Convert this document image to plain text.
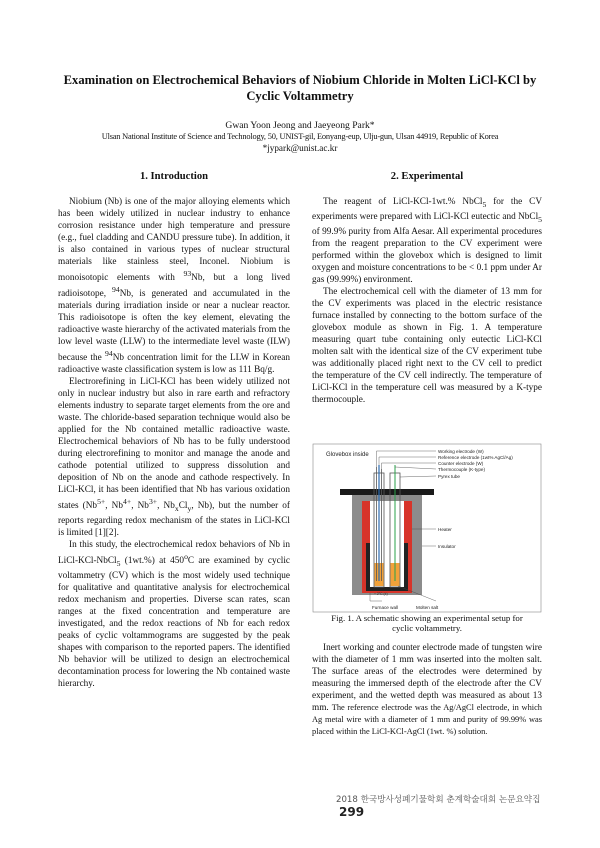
Examination on Electrochemical Behaviors of Niobium Chloride in Molten LiCl-KCl by
Cyclic Voltammetry
Gwan Yoon Jeong and Jaeyeong Park*
Ulsan National Institute of Science and Technology, 50, UNIST-gil, Eonyang-eup, Ulju-gun, Ulsan 44919, Republic of Korea
*jypark@unist.ac.kr
1. Introduction	2. Experimental

Niobium (Nb) is one of the major alloying elements which has been widely utilized in nuclear industry to enhance corrosion resistance under high temperature and pressure (e.g., fuel cladding and CANDU pressure tube). In addition, it is also contained in various types of nuclear structural materials like stainless steel, Inconel. Niobium is monoisotopic elements with $^{93}$Nb, but a long lived radioisotope, $^{94}$Nb, is generated and accumulated in the materials during irradiation inside or near a nuclear reactor. This radioisotope is often the key element, elevating the radioactive waste hierarchy of the activated materials from the low level waste (LLW) to the intermediate level waste (ILW) because the $^{94}$Nb concentration limit for the LLW in Korean radioactive waste classification system is low as 111 Bq/g.

Electrorefining in LiCl-KCl has been widely utilized not only in nuclear industry but also in rare earth and refractory elements industry to separate target elements from the ore and waste. The chloride-based separation technique would also be applied for the Nb contained metallic radioactive waste. Electrochemical behaviors of Nb has to be fully understood during electrorefining to monitor and manage the anode and cathode potential utilized to suppress dissolution and deposition of Nb on the anode and cathode respectively. In LiCl-KCl, it has been identified that Nb has various oxidation states ($Nb^{5+}$, $Nb^{4+}$, $Nb^{3+}$, $Nb_xCl_y$, Nb), but the number of reports regarding redox mechanism of the states in LiCl-KCl is limited [1][2].

In this study, the electrochemical redox behaviors of Nb in LiCl-KCl-NbCl$_5$ (1wt.%) at 450$^o$C are examined by cyclic voltammetry (CV) which is the most widely used technique for qualitative and quantitative analysis for electrochemical redox mechanism and properties. Diverse scan rates, scan ranges at the fixed concentration and temperature are investigated, and the redox reactions of Nb for each redox peaks of cyclic voltammograms are suggested by the peak shapes with comparison to the reported papers. The identified Nb behavior will be utilized to design an electrochemical decontamination process for lowering the Nb contained waste hierarchy.

The reagent of LiCl-KCl-1wt.% NbCl$_5$ for the CV experiments were prepared with LiCl-KCl eutectic and NbCl$_5$ of 99.9% purity from Alfa Aesar. All experimental procedures from the reagent preparation to the CV experiment were performed within the glovebox which is designed to limit oxygen and moisture concentrations to be < 0.1 ppm under Ar gas (99.99%) environment.

The electrochemical cell with the diameter of 13 mm for the CV experiments was placed in the electric resistance furnace installed by connecting to the bottom surface of the glovebox module as shown in Fig. 1. A temperature measuring quart tube containing only eutectic LiCl-KCl molten salt with the identical size of the CV experiment tube was additionally placed right next to the CV cell to predict the temperature of the CV cell indirectly. The temperature of LiCl-KCl in the temperature cell was measured by a K-type thermocouple.

Glovebox inside
Working electrode (W)
Reference electrode (1wt% AgCl/Ag)
Counter electrode (W)
Thermocouple (K-type)
Pyrex tube
Heater
Insulator
~ 2°C (±)
Furnace wall	Molten salt
Fig. 1. A schematic showing an experimental setup for
cyclic voltammetry.

Inert working and counter electrode made of tungsten wire with the diameter of 1 mm was inserted into the molten salt. The surface areas of the electrodes were determined by measuring the immersed depth of the electrode after the CV experiment, and the wetted depth was measured as about 13 mm. The reference electrode was the Ag/AgCl electrode, in which Ag metal wire with a diameter of 1 mm and purity of 99.99% was placed within the LiCl-KCl-AgCl (1wt. %) solution.

2018 한국방사성폐기물학회 춘계학술대회 논문요약집299
